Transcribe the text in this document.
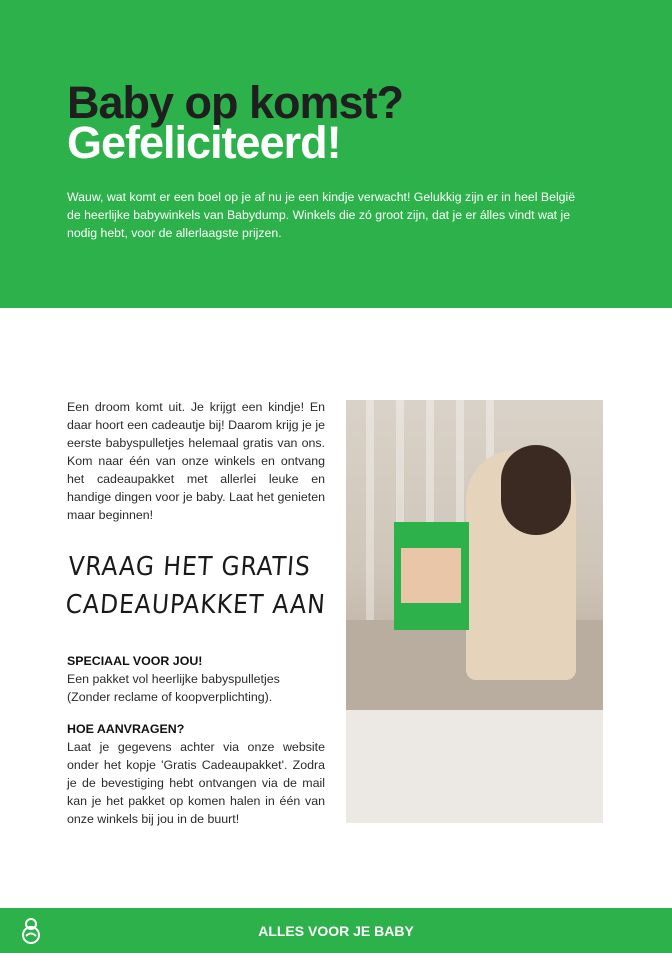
Baby op komst?
Gefeliciteerd!

Wauw, wat komt er een boel op je af nu je een kindje verwacht! Gelukkig zijn er in heel België de heerlijke babywinkels van Babydump. Winkels die zó groot zijn, dat je er álles vindt wat je nodig hebt, voor de allerlaagste prijzen.

Een droom komt uit. Je krijgt een kindje! En daar hoort een cadeautje bij! Daarom krijg je je eerste babyspulletjes helemaal gratis van ons. Kom naar één van onze winkels en ontvang het cadeaupakket met allerlei leuke en handige dingen voor je baby. Laat het genieten maar beginnen!

VRAAG HET GRATIS CADEAUPAKKET AAN
SPECIAAL VOOR JOU!
Een pakket vol heerlijke babyspulletjes (Zonder reclame of koopverplichting).
HOE AANVRAGEN?
Laat je gegevens achter via onze website onder het kopje 'Gratis Cadeaupakket'. Zodra je de bevestiging hebt ontvangen via de mail kan je het pakket op komen halen in één van onze winkels bij jou in de buurt!
ALLES VOOR JE BABY
